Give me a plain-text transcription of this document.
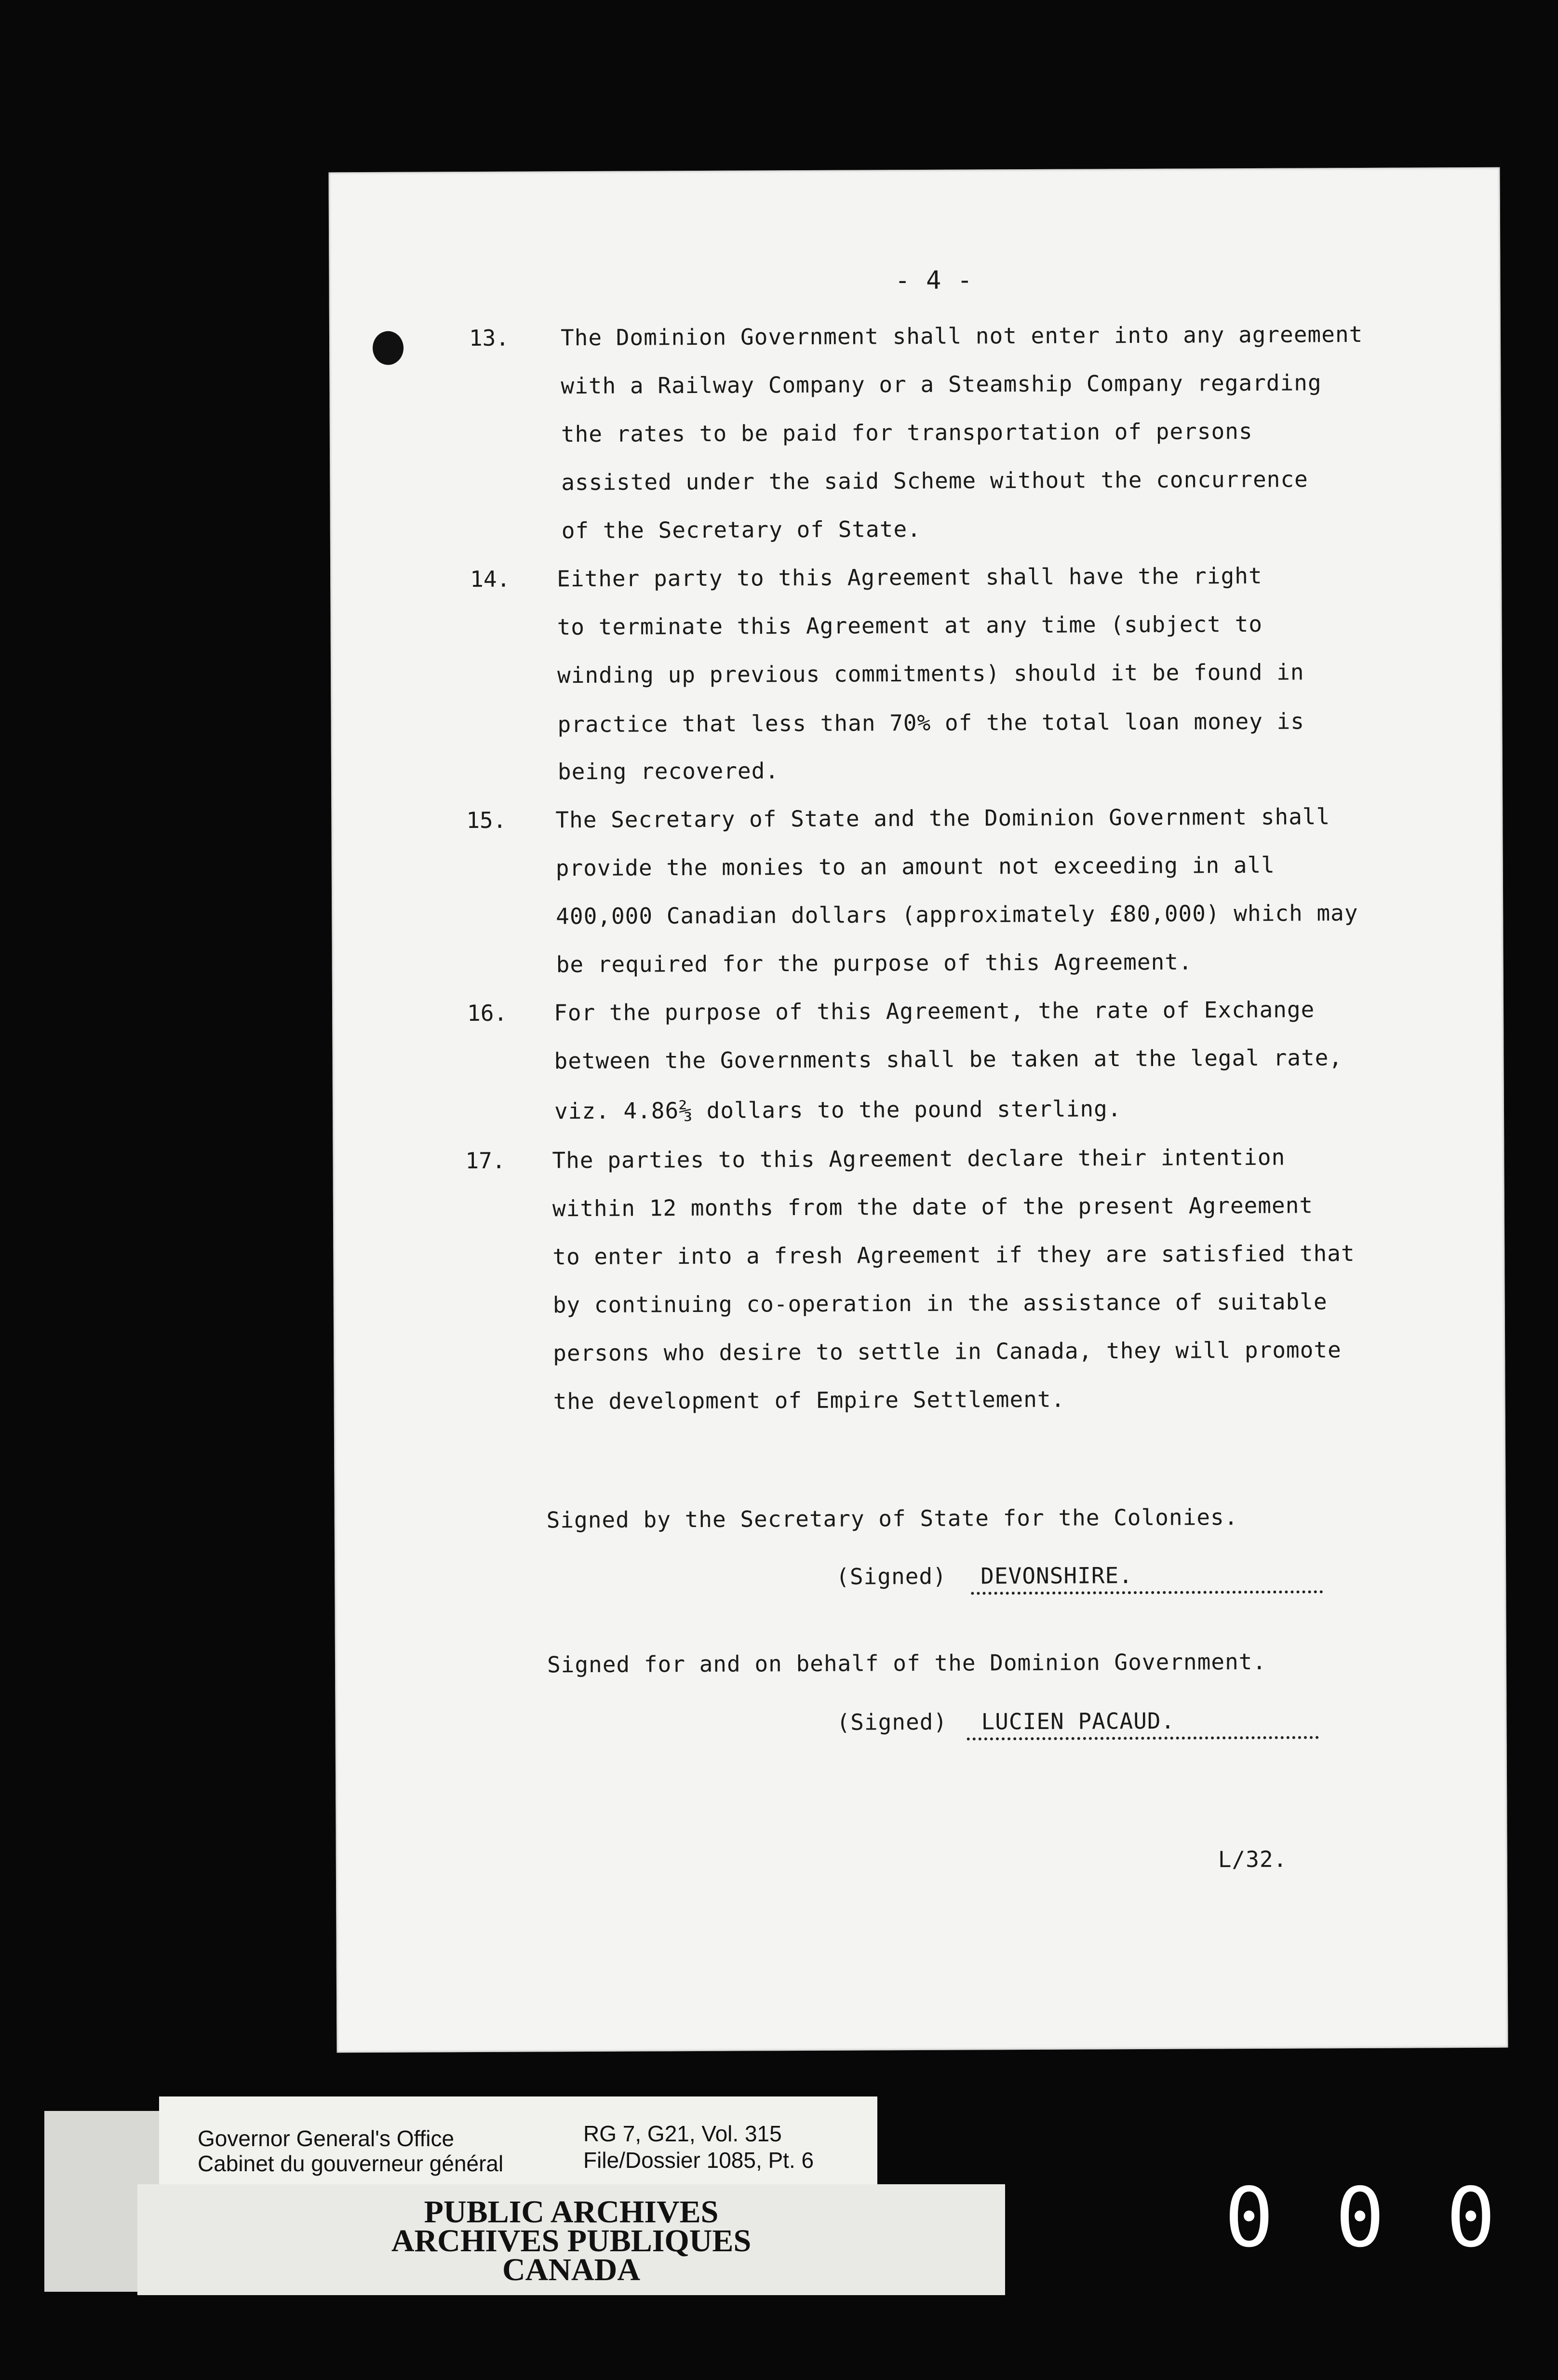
- 4 -
13. The Dominion Government shall not enter into any agreement
with a Railway Company or a Steamship Company regarding
the rates to be paid for transportation of persons
assisted under the said Scheme without the concurrence
of the Secretary of State.
14. Either party to this Agreement shall have the right
to terminate this Agreement at any time (subject to
winding up previous commitments) should it be found in
practice that less than 70% of the total loan money is
being recovered.
15. The Secretary of State and the Dominion Government shall
provide the monies to an amount not exceeding in all
400,000 Canadian dollars (approximately £80,000) which may
be required for the purpose of this Agreement.
16. For the purpose of this Agreement, the rate of Exchange
between the Governments shall be taken at the legal rate,
viz. 4.86⅔ dollars to the pound sterling.
17. The parties to this Agreement declare their intention
within 12 months from the date of the present Agreement
to enter into a fresh Agreement if they are satisfied that
by continuing co-operation in the assistance of suitable
persons who desire to settle in Canada, they will promote
the development of Empire Settlement.
Signed by the Secretary of State for the Colonies.
(Signed) DEVONSHIRE.
Signed for and on behalf of the Dominion Government.
(Signed) LUCIEN PACAUD.
L/32.
Governor General's Office
Cabinet du gouverneur général
RG 7, G21, Vol. 315
File/Dossier 1085, Pt. 6
PUBLIC ARCHIVES
ARCHIVES PUBLIQUES
CANADA
0 0 0
